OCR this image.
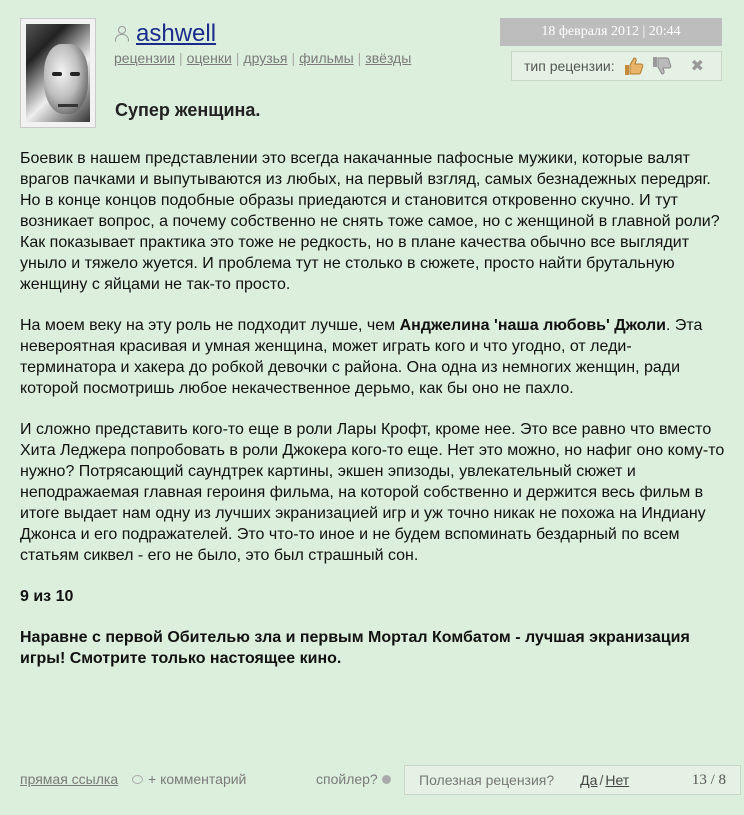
ashwell
рецензии | оценки | друзья | фильмы | звёзды
18 февраля 2012 | 20:44
тип рецензии:	✖
Супер женщина.

Боевик в нашем представлении это всегда накачанные пафосные мужики, которые валят врагов пачками и выпутываются из любых, на первый взгляд, самых безнадежных передряг. Но в конце концов подобные образы приедаются и становится откровенно скучно. И тут возникает вопрос, а почему собственно не снять тоже самое, но с женщиной в главной роли? Как показывает практика это тоже не редкость, но в плане качества обычно все выглядит уныло и тяжело жуется. И проблема тут не столько в сюжете, просто найти брутальную женщину с яйцами не так-то просто.

На моем веку на эту роль не подходит лучше, чем Анджелина 'наша любовь' Джоли. Эта невероятная красивая и умная женщина, может играть кого и что угодно, от леди-терминатора и хакера до робкой девочки с района. Она одна из немногих женщин, ради которой посмотришь любое некачественное дерьмо, как бы оно не пахло.

И сложно представить кого-то еще в роли Лары Крофт, кроме нее. Это все равно что вместо Хита Леджера попробовать в роли Джокера кого-то еще. Нет это можно, но нафиг оно кому-то нужно? Потрясающий саундтрек картины, экшен эпизоды, увлекательный сюжет и неподражаемая главная героиня фильма, на которой собственно и держится весь фильм в итоге выдает нам одну из лучших экранизацией игр и уж точно никак не похожа на Индиану Джонса и его подражателей. Это что-то иное и не будем вспоминать бездарный по всем статьям сиквел - его не было, это был страшный сон.

9 из 10

Наравне с первой Обителью зла и первым Мортал Комбатом - лучшая экранизация игры! Смотрите только настоящее кино.

прямая ссылка + комментарий	спойлер?	Полезная рецензия? Да / Нет	13 / 8
